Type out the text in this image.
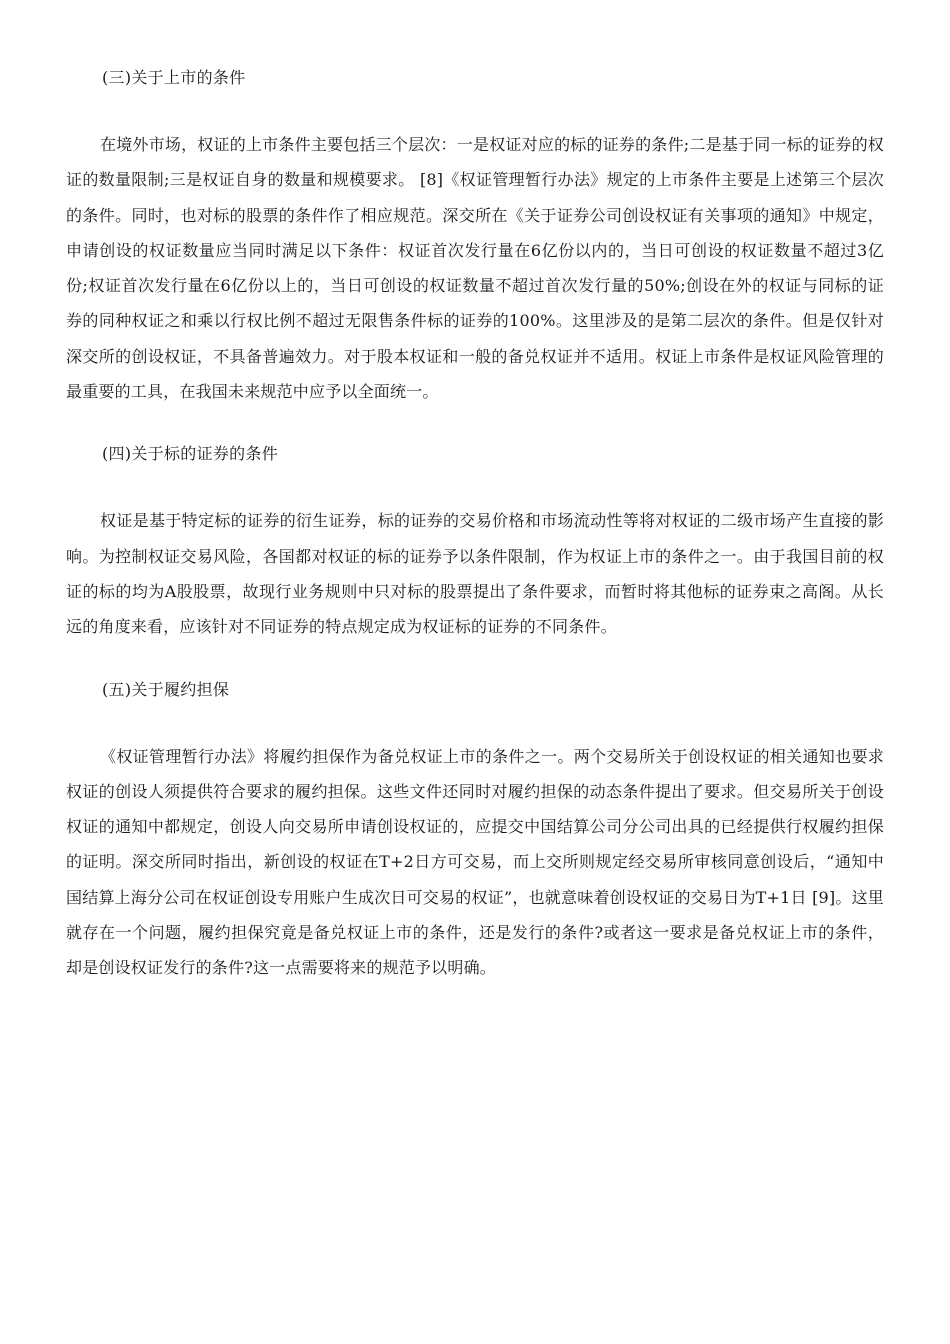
(三)关于上市的条件

在境外市场，权证的上市条件主要包括三个层次：一是权证对应的标的证券的条件;二是基于同一标的证券的权证的数量限制;三是权证自身的数量和规模要求。 [8]《权证管理暂行办法》规定的上市条件主要是上述第三个层次的条件。同时，也对标的股票的条件作了相应规范。深交所在《关于证券公司创设权证有关事项的通知》中规定，申请创设的权证数量应当同时满足以下条件：权证首次发行量在6亿份以内的，当日可创设的权证数量不超过3亿份;权证首次发行量在6亿份以上的，当日可创设的权证数量不超过首次发行量的50%;创设在外的权证与同标的证券的同种权证之和乘以行权比例不超过无限售条件标的证券的100%。这里涉及的是第二层次的条件。但是仅针对深交所的创设权证，不具备普遍效力。对于股本权证和一般的备兑权证并不适用。权证上市条件是权证风险管理的最重要的工具，在我国未来规范中应予以全面统一。

(四)关于标的证券的条件

权证是基于特定标的证券的衍生证券，标的证券的交易价格和市场流动性等将对权证的二级市场产生直接的影响。为控制权证交易风险，各国都对权证的标的证券予以条件限制，作为权证上市的条件之一。由于我国目前的权证的标的均为A股股票，故现行业务规则中只对标的股票提出了条件要求，而暂时将其他标的证券束之高阁。从长远的角度来看，应该针对不同证券的特点规定成为权证标的证券的不同条件。

(五)关于履约担保

《权证管理暂行办法》将履约担保作为备兑权证上市的条件之一。两个交易所关于创设权证的相关通知也要求权证的创设人须提供符合要求的履约担保。这些文件还同时对履约担保的动态条件提出了要求。但交易所关于创设权证的通知中都规定，创设人向交易所申请创设权证的，应提交中国结算公司分公司出具的已经提供行权履约担保的证明。深交所同时指出，新创设的权证在T+2日方可交易，而上交所则规定经交易所审核同意创设后，“通知中国结算上海分公司在权证创设专用账户生成次日可交易的权证”，也就意味着创设权证的交易日为T+1日 [9]。这里就存在一个问题，履约担保究竟是备兑权证上市的条件，还是发行的条件?或者这一要求是备兑权证上市的条件，却是创设权证发行的条件?这一点需要将来的规范予以明确。
